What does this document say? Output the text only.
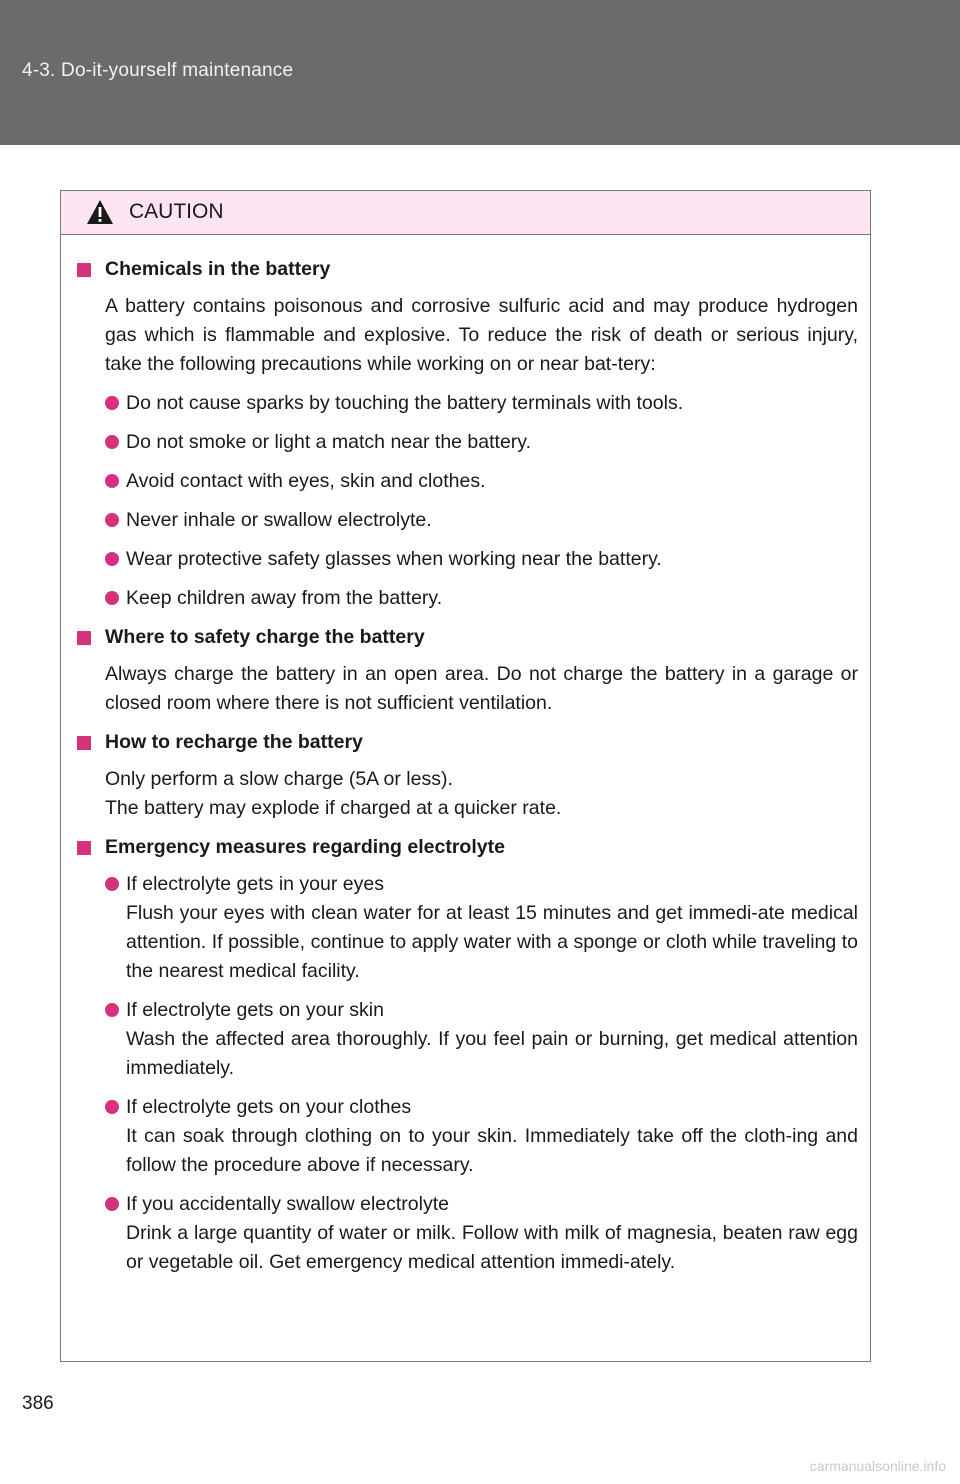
4-3. Do-it-yourself maintenance
CAUTION
Chemicals in the battery
A battery contains poisonous and corrosive sulfuric acid and may produce hydrogen gas which is flammable and explosive. To reduce the risk of death or serious injury, take the following precautions while working on or near bat-tery:
Do not cause sparks by touching the battery terminals with tools.
Do not smoke or light a match near the battery.
Avoid contact with eyes, skin and clothes.
Never inhale or swallow electrolyte.
Wear protective safety glasses when working near the battery.
Keep children away from the battery.
Where to safety charge the battery
Always charge the battery in an open area. Do not charge the battery in a garage or closed room where there is not sufficient ventilation.
How to recharge the battery
Only perform a slow charge (5A or less).
The battery may explode if charged at a quicker rate.
Emergency measures regarding electrolyte
If electrolyte gets in your eyes
Flush your eyes with clean water for at least 15 minutes and get immedi-ate medical attention. If possible, continue to apply water with a sponge or cloth while traveling to the nearest medical facility.
If electrolyte gets on your skin
Wash the affected area thoroughly. If you feel pain or burning, get medical attention immediately.
If electrolyte gets on your clothes
It can soak through clothing on to your skin. Immediately take off the cloth-ing and follow the procedure above if necessary.
If you accidentally swallow electrolyte
Drink a large quantity of water or milk. Follow with milk of magnesia, beaten raw egg or vegetable oil. Get emergency medical attention immedi-ately.
386
carmanualsonline.info
